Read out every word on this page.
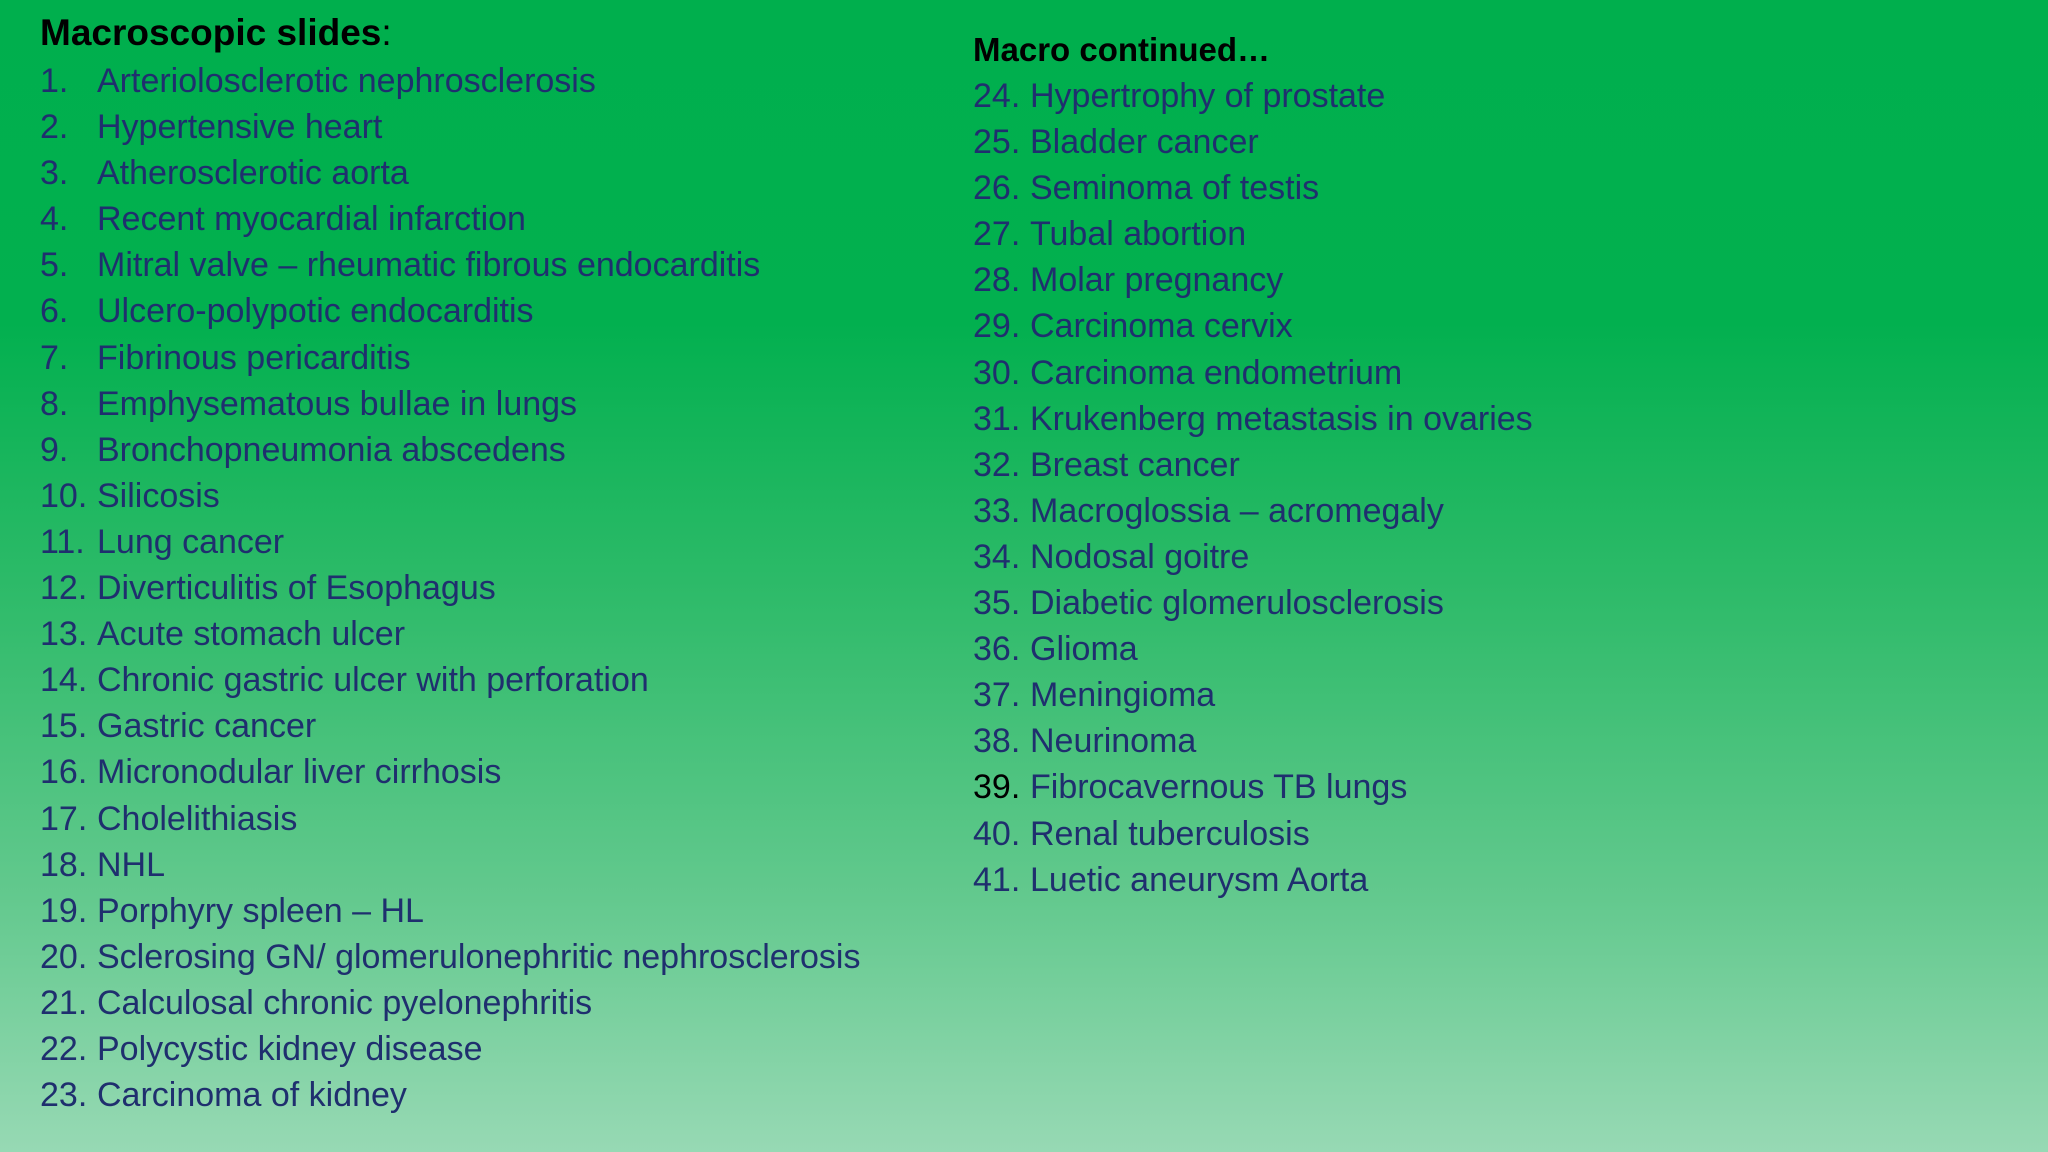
Macroscopic slides:
1. Arteriolosclerotic nephrosclerosis
2. Hypertensive heart
3. Atherosclerotic aorta
4. Recent myocardial infarction
5. Mitral valve – rheumatic fibrous endocarditis
6. Ulcero-polypotic endocarditis
7. Fibrinous pericarditis
8. Emphysematous bullae in lungs
9. Bronchopneumonia abscedens
10. Silicosis
11. Lung cancer
12. Diverticulitis of Esophagus
13. Acute stomach ulcer
14. Chronic gastric ulcer with perforation
15. Gastric cancer
16. Micronodular liver cirrhosis
17. Cholelithiasis
18. NHL
19. Porphyry spleen – HL
20. Sclerosing GN/ glomerulonephritic nephrosclerosis
21. Calculosal chronic pyelonephritis
22. Polycystic kidney disease
23. Carcinoma of kidney
Macro continued…
24. Hypertrophy of prostate
25. Bladder cancer
26. Seminoma of testis
27. Tubal abortion
28. Molar pregnancy
29. Carcinoma cervix
30. Carcinoma endometrium
31. Krukenberg metastasis in ovaries
32. Breast cancer
33. Macroglossia – acromegaly
34. Nodosal goitre
35. Diabetic glomerulosclerosis
36. Glioma
37. Meningioma
38. Neurinoma
39. Fibrocavernous TB lungs
40. Renal tuberculosis
41. Luetic aneurysm Aorta
